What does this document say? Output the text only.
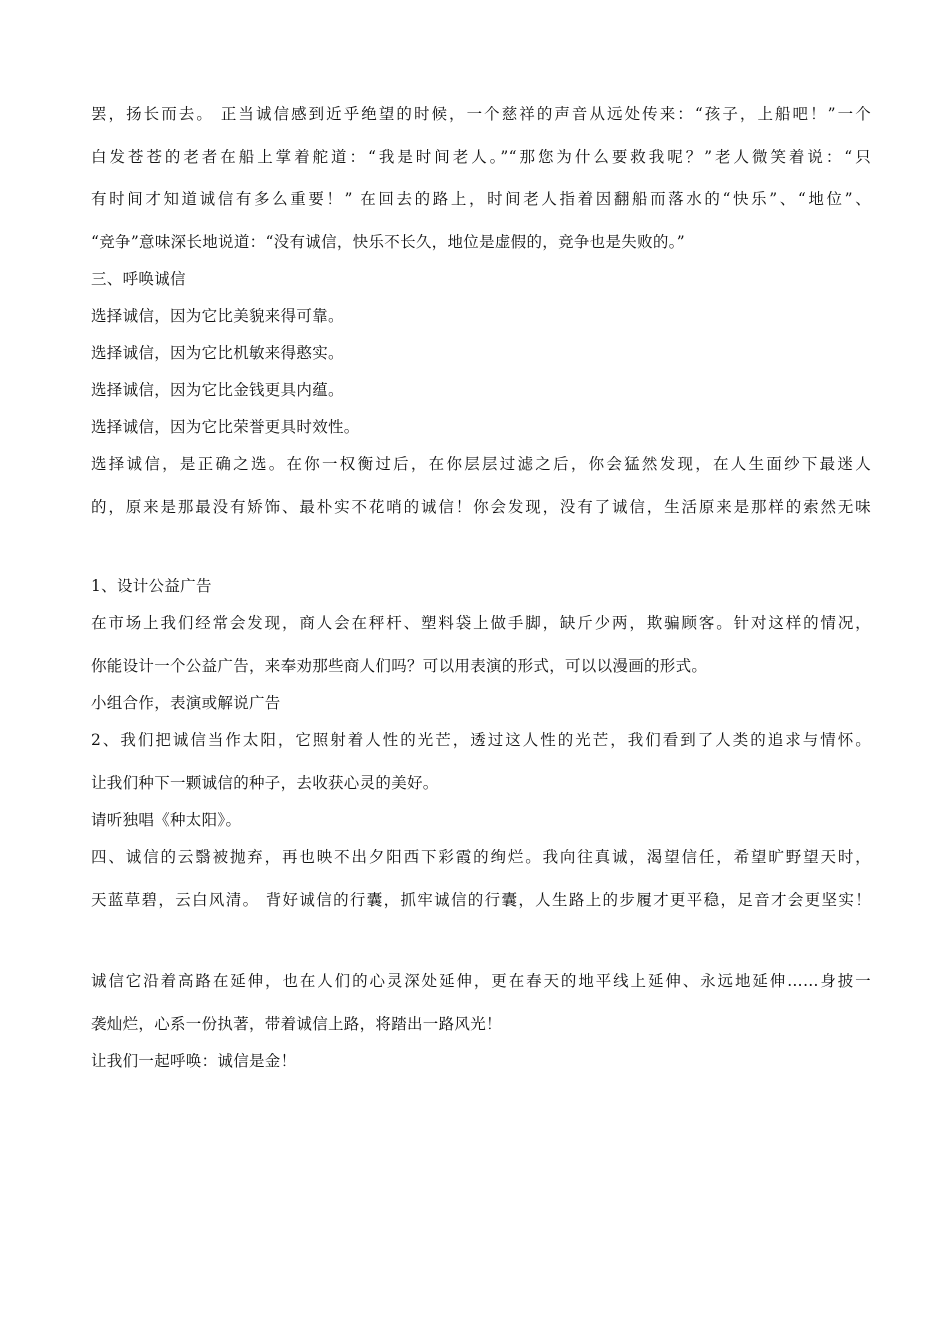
罢，扬长而去。 正当诚信感到近乎绝望的时候，一个慈祥的声音从远处传来：“孩子，上船吧！”一个
白发苍苍的老者在船上掌着舵道：“我是时间老人。”“那您为什么要救我呢？”老人微笑着说：“只
有时间才知道诚信有多么重要！” 在回去的路上，时间老人指着因翻船而落水的“快乐”、“地位”、
“竞争”意味深长地说道：“没有诚信，快乐不长久，地位是虚假的，竞争也是失败的。”
三、呼唤诚信
选择诚信，因为它比美貌来得可靠。
选择诚信，因为它比机敏来得憨实。
选择诚信，因为它比金钱更具内蕴。
选择诚信，因为它比荣誉更具时效性。
选择诚信，是正确之选。在你一权衡过后，在你层层过滤之后，你会猛然发现，在人生面纱下最迷人
的，原来是那最没有矫饰、最朴实不花哨的诚信！你会发现，没有了诚信，生活原来是那样的索然无味
1、设计公益广告
在市场上我们经常会发现，商人会在秤杆、塑料袋上做手脚，缺斤少两，欺骗顾客。针对这样的情况，
你能设计一个公益广告，来奉劝那些商人们吗？可以用表演的形式，可以以漫画的形式。
小组合作，表演或解说广告
2、我们把诚信当作太阳，它照射着人性的光芒，透过这人性的光芒，我们看到了人类的追求与情怀。
让我们种下一颗诚信的种子，去收获心灵的美好。
请听独唱《种太阳》。
四、诚信的云翳被抛弃，再也映不出夕阳西下彩霞的绚烂。我向往真诚，渴望信任，希望旷野望天时，
天蓝草碧，云白风清。 背好诚信的行囊，抓牢诚信的行囊，人生路上的步履才更平稳，足音才会更坚实！
诚信它沿着高路在延伸，也在人们的心灵深处延伸，更在春天的地平线上延伸、永远地延伸……身披一
袭灿烂，心系一份执著，带着诚信上路，将踏出一路风光！
让我们一起呼唤：诚信是金！
